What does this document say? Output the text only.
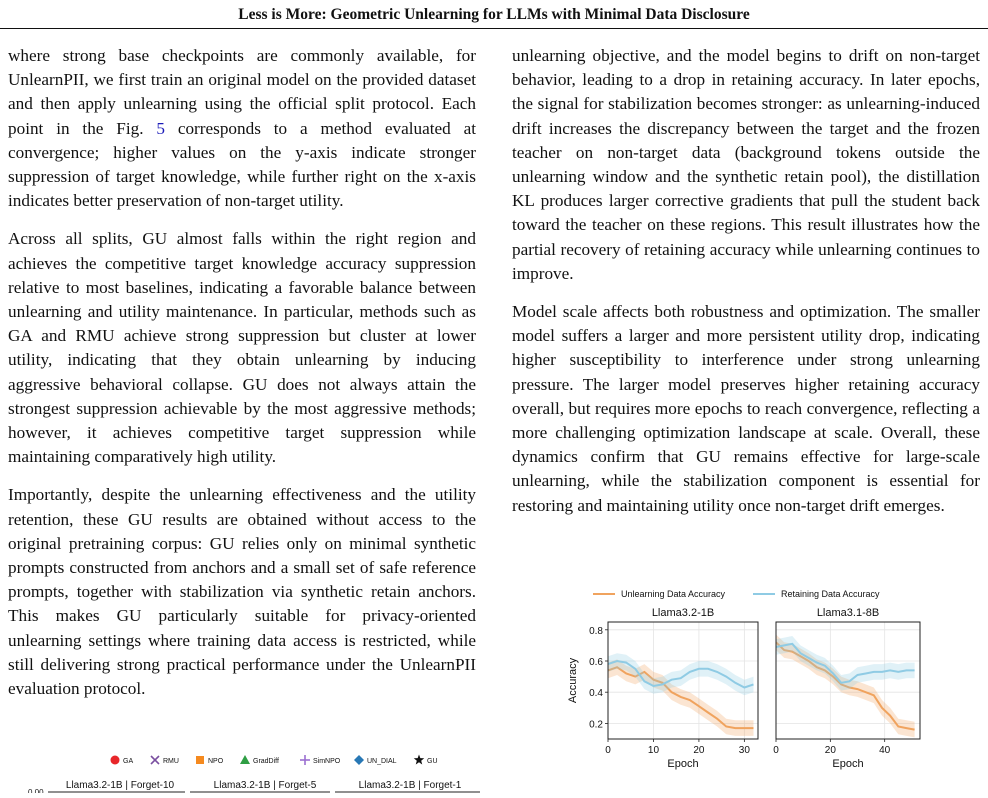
Less is More: Geometric Unlearning for LLMs with Minimal Data Disclosure

where strong base checkpoints are commonly available, for UnlearnPII, we first train an original model on the provided dataset and then apply unlearning using the official split protocol. Each point in the Fig. 5 corresponds to a method evaluated at convergence; higher values on the y-axis indicate stronger suppression of target knowledge, while further right on the x-axis indicates better preservation of non-target utility.

Across all splits, GU almost falls within the right region and achieves the competitive target knowledge accuracy suppression relative to most baselines, indicating a favorable balance between unlearning and utility maintenance. In particular, methods such as GA and RMU achieve strong suppression but cluster at lower utility, indicating that they obtain unlearning by inducing aggressive behavioral collapse. GU does not always attain the strongest suppression achievable by the most aggressive methods; however, it achieves competitive target suppression while maintaining comparatively high utility.

Importantly, despite the unlearning effectiveness and the utility retention, these GU results are obtained without access to the original pretraining corpus: GU relies only on minimal synthetic prompts constructed from anchors and a small set of safe reference prompts, together with stabilization via synthetic retain anchors. This makes GU particularly suitable for privacy-oriented unlearning settings where training data access is restricted, while still delivering strong practical performance under the UnlearnPII evaluation protocol.

unlearning objective, and the model begins to drift on non-target behavior, leading to a drop in retaining accuracy. In later epochs, the signal for stabilization becomes stronger: as unlearning-induced drift increases the discrepancy between the target and the frozen teacher on non-target data (background tokens outside the unlearning window and the synthetic retain pool), the distillation KL produces larger corrective gradients that pull the student back toward the teacher on these regions. This result illustrates how the partial recovery of retaining accuracy while unlearning continues to improve.

Model scale affects both robustness and optimization. The smaller model suffers a larger and more persistent utility drop, indicating higher susceptibility to interference under strong unlearning pressure. The larger model preserves higher retaining accuracy overall, but requires more epochs to reach convergence, reflecting a more challenging optimization landscape at scale. Overall, these dynamics confirm that GU remains effective for large-scale unlearning, while the stabilization component is essential for restoring and maintaining utility once non-target drift emerges.

GA	RMU	NPO	GradDiff	SimNPO	UN_DIAL	GU
Llama3.2-1B | Forget-10	Llama3.2-1B | Forget-5	Llama3.2-1B | Forget-1
0.00
Unlearning Data Accuracy	Retaining Data Accuracy
Accuracy
0.2
0.4
0.6
0.8
0	10	20	30
Llama3.2-1B
Epoch
0	20	40
Llama3.1-8B
Epoch
